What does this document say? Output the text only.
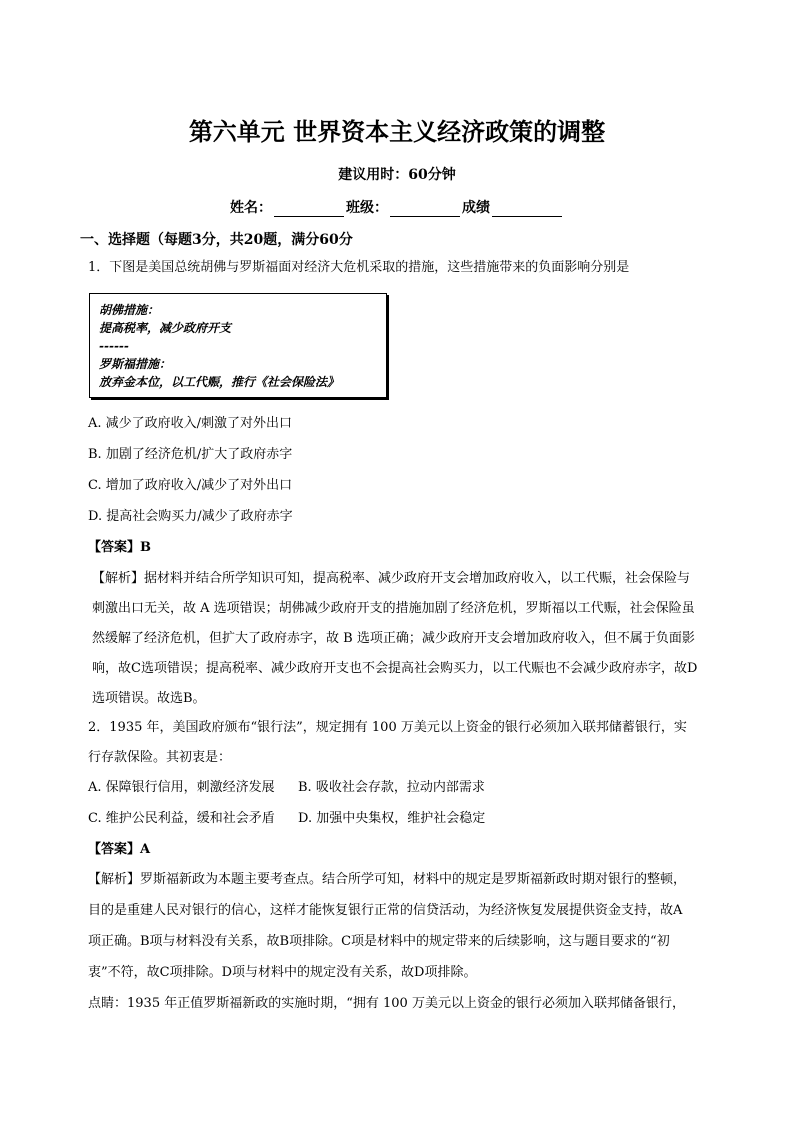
第六单元 世界资本主义经济政策的调整
建议用时：60分钟
姓名：	班级：	成绩
一、选择题（每题3分，共20题，满分60分
1．下图是美国总统胡佛与罗斯福面对经济大危机采取的措施，这些措施带来的负面影响分别是
胡佛措施：
提高税率，减少政府开支
------
罗斯福措施：
放弃金本位，以工代赈，推行《社会保险法》
A. 减少了政府收入/刺激了对外出口
B. 加剧了经济危机/扩大了政府赤字
C. 增加了政府收入/减少了对外出口
D. 提高社会购买力/减少了政府赤字
【答案】B
【解析】据材料并结合所学知识可知，提高税率、减少政府开支会增加政府收入，以工代赈，社会保险与
刺激出口无关，故 A 选项错误；胡佛减少政府开支的措施加剧了经济危机，罗斯福以工代赈，社会保险虽
然缓解了经济危机，但扩大了政府赤字，故 B 选项正确；减少政府开支会增加政府收入，但不属于负面影
响，故C选项错误；提高税率、减少政府开支也不会提高社会购买力，以工代赈也不会减少政府赤字，故D
选项错误。故选B。
2．1935 年，美国政府颁布“银行法”，规定拥有 100 万美元以上资金的银行必须加入联邦储蓄银行，实
行存款保险。其初衷是：
A. 保障银行信用，刺激经济发展 B. 吸收社会存款，拉动内部需求
C. 维护公民利益，缓和社会矛盾 D. 加强中央集权，维护社会稳定
【答案】A
【解析】罗斯福新政为本题主要考查点。结合所学可知，材料中的规定是罗斯福新政时期对银行的整顿，
目的是重建人民对银行的信心，这样才能恢复银行正常的信贷活动，为经济恢复发展提供资金支持，故A
项正确。B项与材料没有关系，故B项排除。C项是材料中的规定带来的后续影响，这与题目要求的“初
衷”不符，故C项排除。D项与材料中的规定没有关系，故D项排除。
点睛：1935 年正值罗斯福新政的实施时期，“拥有 100 万美元以上资金的银行必须加入联邦储备银行，
